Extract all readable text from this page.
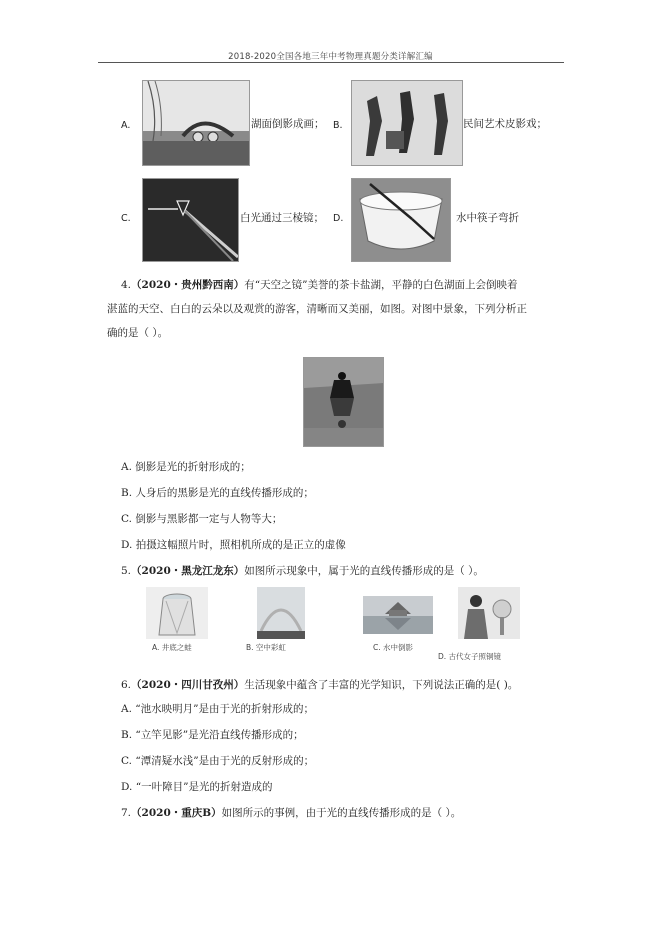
2018-2020全国各地三年中考物理真题分类详解汇编
A.	湖面倒影成画； B.	民间艺术皮影戏；
C.	白光通过三棱镜； D.	水中筷子弯折
4.（2020・贵州黔西南）有“天空之镜”美誉的茶卡盐湖，平静的白色湖面上会倒映着
湛蓝的天空、白白的云朵以及观赏的游客，清晰而又美丽，如图。对图中景象，下列分析正
确的是（ ）。
A. 倒影是光的折射形成的；
B. 人身后的黑影是光的直线传播形成的；
C. 倒影与黑影都一定与人物等大；
D. 拍摄这幅照片时，照相机所成的是正立的虚像
5.（2020・黑龙江龙东）如图所示现象中，属于光的直线传播形成的是（ ）。
A. 井底之蛙	B. 空中彩虹	C. 水中倒影
D. 古代女子照铜镜
6.（2020・四川甘孜州）生活现象中蕴含了丰富的光学知识，下列说法正确的是( )。
A. “池水映明月”是由于光的折射形成的；
B. “立竿见影”是光沿直线传播形成的；
C. “潭清疑水浅”是由于光的反射形成的；
D. “一叶障目”是光的折射造成的
7.（2020・重庆B）如图所示的事例，由于光的直线传播形成的是（ ）。
